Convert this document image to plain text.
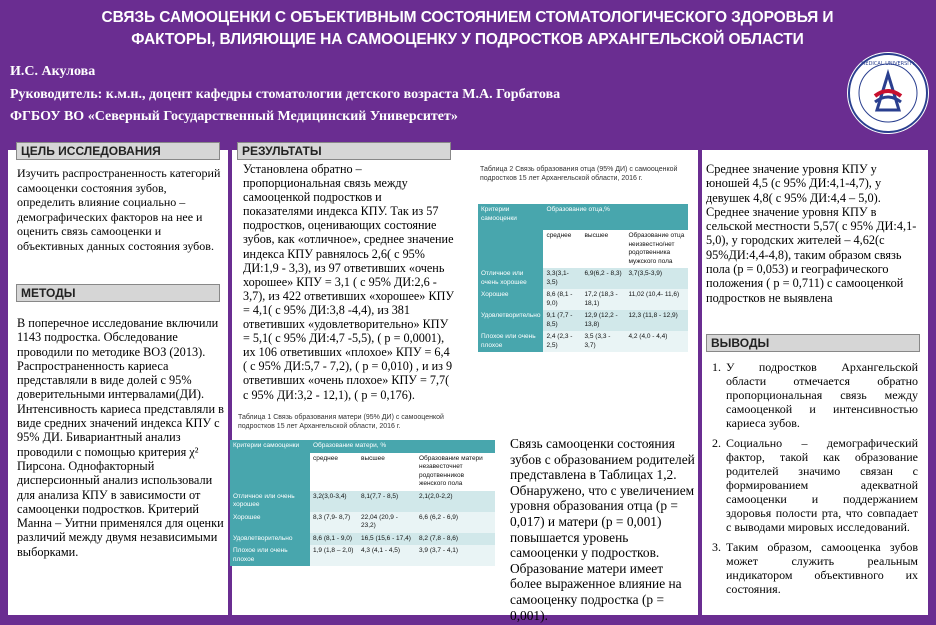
СВЯЗЬ САМООЦЕНКИ С ОБЪЕКТИВНЫМ СОСТОЯНИЕМ СТОМАТОЛОГИЧЕСКОГО ЗДОРОВЬЯ И
ФАКТОРЫ, ВЛИЯЮЩИЕ НА САМООЦЕНКУ У ПОДРОСТКОВ АРХАНГЕЛЬСКОЙ ОБЛАСТИ
И.С. Акулова
Руководитель: к.м.н., доцент кафедры стоматологии детского возраста М.А. Горбатова
ФГБОУ ВО «Северный Государственный Медицинский Университет»
MEDICAL UNIVERSITY
ЦЕЛЬ ИССЛЕДОВАНИЯ
Изучить распространенность категорий самооценки состояния зубов, определить влияние социально – демографических факторов на нее и оценить связь самооценки и объективных данных состояния зубов.
МЕТОДЫ
В поперечное исследование включили 1143 подростка. Обследование проводили по методике ВОЗ (2013). Распространенность кариеса представляли в виде долей с 95% доверительными интервалами(ДИ). Интенсивность кариеса представляли в виде средних значений индекса КПУ с 95% ДИ. Бивариантный анализ проводили с помощью критерия χ² Пирсона. Однофакторный дисперсионный анализ использовали для анализа КПУ в зависимости от самооценки подростков. Критерий Манна – Уитни применялся для оценки различий между двумя независимыми выборками.
РЕЗУЛЬТАТЫ
Установлена обратно – пропорциональная связь между самооценкой подростков и показателями индекса КПУ. Так из 57 подростков, оценивающих состояние зубов, как «отличное», среднее значение индекса КПУ равнялось 2,6( с 95% ДИ:1,9 - 3,3), из 97 ответивших «очень хорошее» КПУ = 3,1 ( с 95% ДИ:2,6 - 3,7), из 422 ответивших «хорошее» КПУ = 4,1( с 95% ДИ:3,8 -4,4), из 381 ответивших «удовлетворительно» КПУ = 5,1( с 95% ДИ:4,7 -5,5), ( р = 0,0001), их 106 ответивших «плохое» КПУ = 6,4 ( с 95% ДИ:5,7 - 7,2), ( р = 0,010) , и из 9 ответивших «очень плохое» КПУ = 7,7( с 95% ДИ:3,2 - 12,1), ( р = 0,176).
Таблица 1 Связь образования матери (95% ДИ) с самооценкой подростков 15 лет Архангельской области, 2016 г.
Критерии самооценки	Образование матери, %		
	среднее	высшее	Образование матери незавесточнет родотвенников женского пола
Отличное или очень хорошее	3,2(3,0-3,4)	8,1(7,7 - 8,5)	2,1(2,0-2,2)
Хорошее	8,3 (7,9- 8,7)	22,04 (20,9 - 23,2)	6,6 (6,2 - 6,9)
Удовлетворительно	8,6 (8,1 - 9,0)	16,5 (15,6 - 17,4)	8,2 (7,8 - 8,6)
Плохое или очень плохое	1,9 (1,8 – 2,0)	4,3 (4,1 - 4,5)	3,9 (3,7 - 4,1)
Таблица 2 Связь образования отца (95% ДИ) с самооценкой подростков 15 лет Архангельской области, 2016 г.
Критерии самооценки	Образование отца,%		
	среднее	высшее	Образование отца неизвестно/нет родотвенника мужского пола
Отличное или очень хорошее	3,3(3,1-3,5)	6,9(6,2 - 8,3)	3,7(3,5-3,9)
Хорошее	8,6 (8,1 - 9,0)	17,2 (18,3 - 18,1)	11,02 (10,4- 11,6)
Удовлетворительно	9,1 (7,7 - 8,5)	12,9 (12,2 - 13,8)	12,3 (11,8 - 12,9)
Плохое или очень плохое	2,4 (2,3 - 2,5)	3,5 (3,3 - 3,7)	4,2 (4,0 - 4,4)

Связь самооценки состояния зубов с образованием родителей представлена в Таблицах 1,2. Обнаружено, что с увеличением уровня образования отца (р = 0,017) и матери (р = 0,001) повышается уровень самооценки у подростков.

Образование матери имеет более выраженное влияние на самооценку подростка (р = 0,001).

Среднее значение уровня КПУ у юношей 4,5 (с 95% ДИ:4,1-4,7), у девушек 4,8( с 95% ДИ:4,4 – 5,0). Среднее значение уровня КПУ в сельской местности 5,57( с 95% ДИ:4,1-5,0), у городских жителей – 4,62(с 95%ДИ:4,4-4,8), таким образом связь пола (р = 0,053) и географического положения ( р = 0,711) с самооценкой подростков не выявлена
ВЫВОДЫ
1. У подростков Архангельской области отмечается обратно пропорциональная связь между самооценкой и интенсивностью кариеса зубов.
2. Социально – демографический фактор, такой как образование родителей значимо связан с формированием адекватной самооценки и поддержанием здоровья полости рта, что совпадает с выводами мировых исследований.
3. Таким образом, самооценка зубов может служить реальным индикатором объективного их состояния.
